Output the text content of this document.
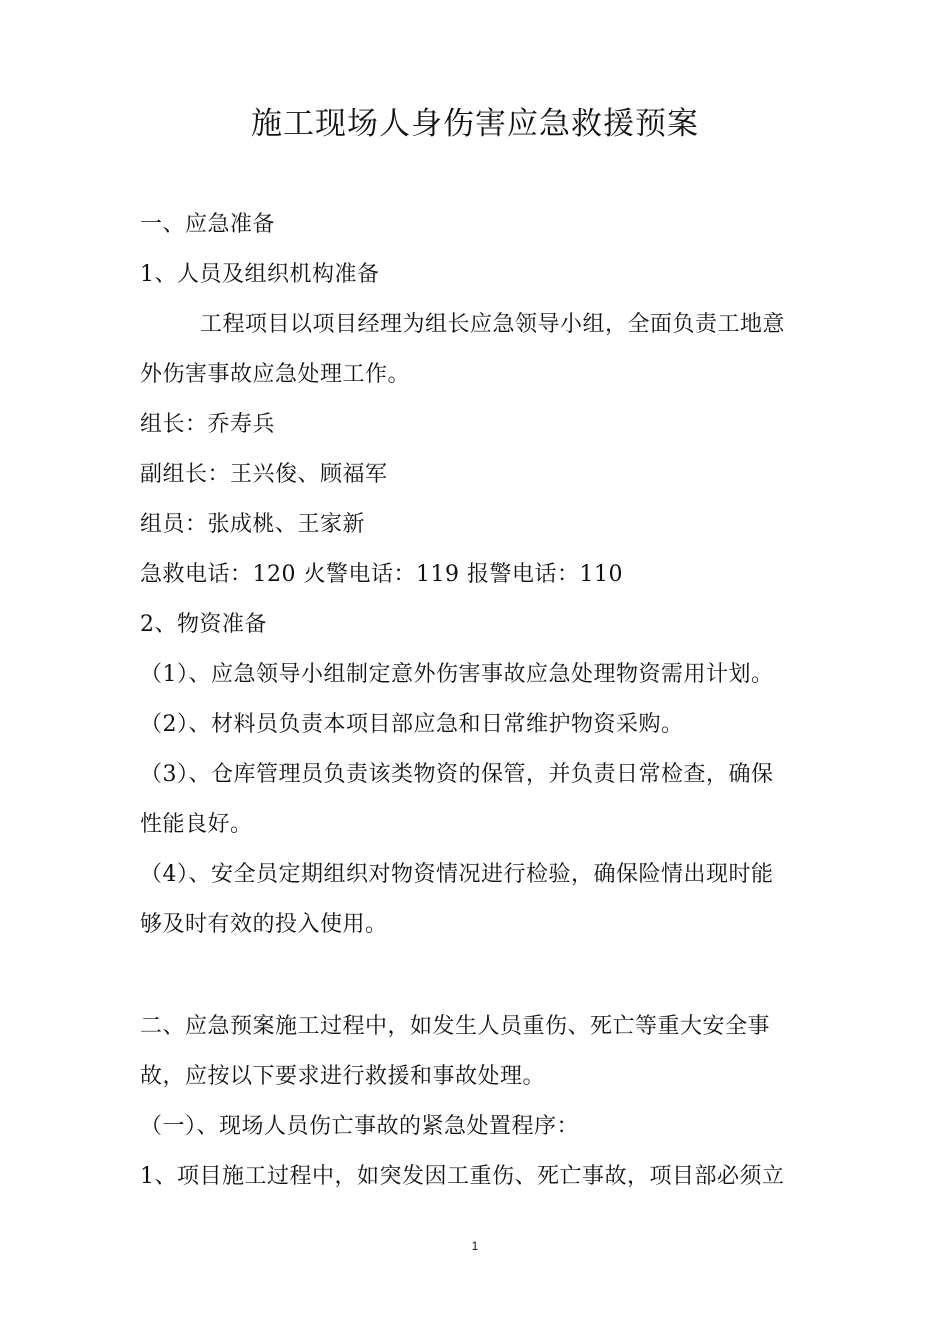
施工现场人身伤害应急救援预案
一、应急准备
1、人员及组织机构准备
工程项目以项目经理为组长应急领导小组，全面负责工地意
外伤害事故应急处理工作。
组长：乔寿兵
副组长：王兴俊、顾福军
组员：张成桃、王家新
急救电话：120 火警电话：119 报警电话：110
2、物资准备
（1）、应急领导小组制定意外伤害事故应急处理物资需用计划。
（2）、材料员负责本项目部应急和日常维护物资采购。
（3）、仓库管理员负责该类物资的保管，并负责日常检查，确保
性能良好。
（4）、安全员定期组织对物资情况进行检验，确保险情出现时能
够及时有效的投入使用。
二、应急预案施工过程中，如发生人员重伤、死亡等重大安全事
故，应按以下要求进行救援和事故处理。
（一）、现场人员伤亡事故的紧急处置程序：
1、项目施工过程中，如突发因工重伤、死亡事故，项目部必须立
1
